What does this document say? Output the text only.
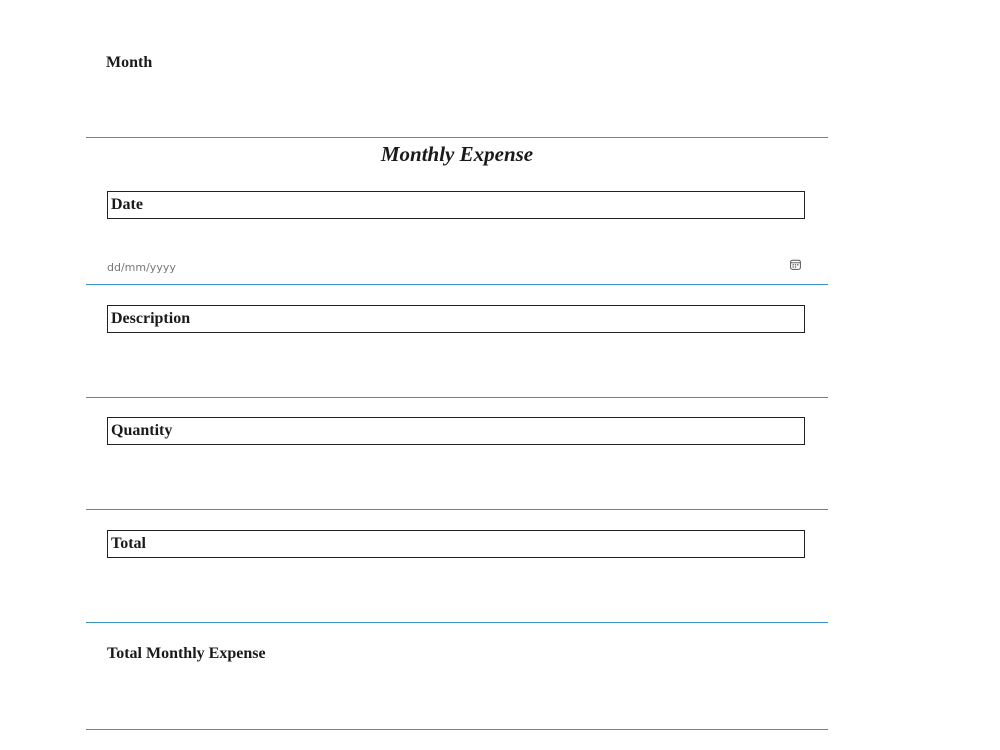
Month
Monthly Expense
Date
dd/mm/yyyy
Description
Quantity
Total
Total Monthly Expense
